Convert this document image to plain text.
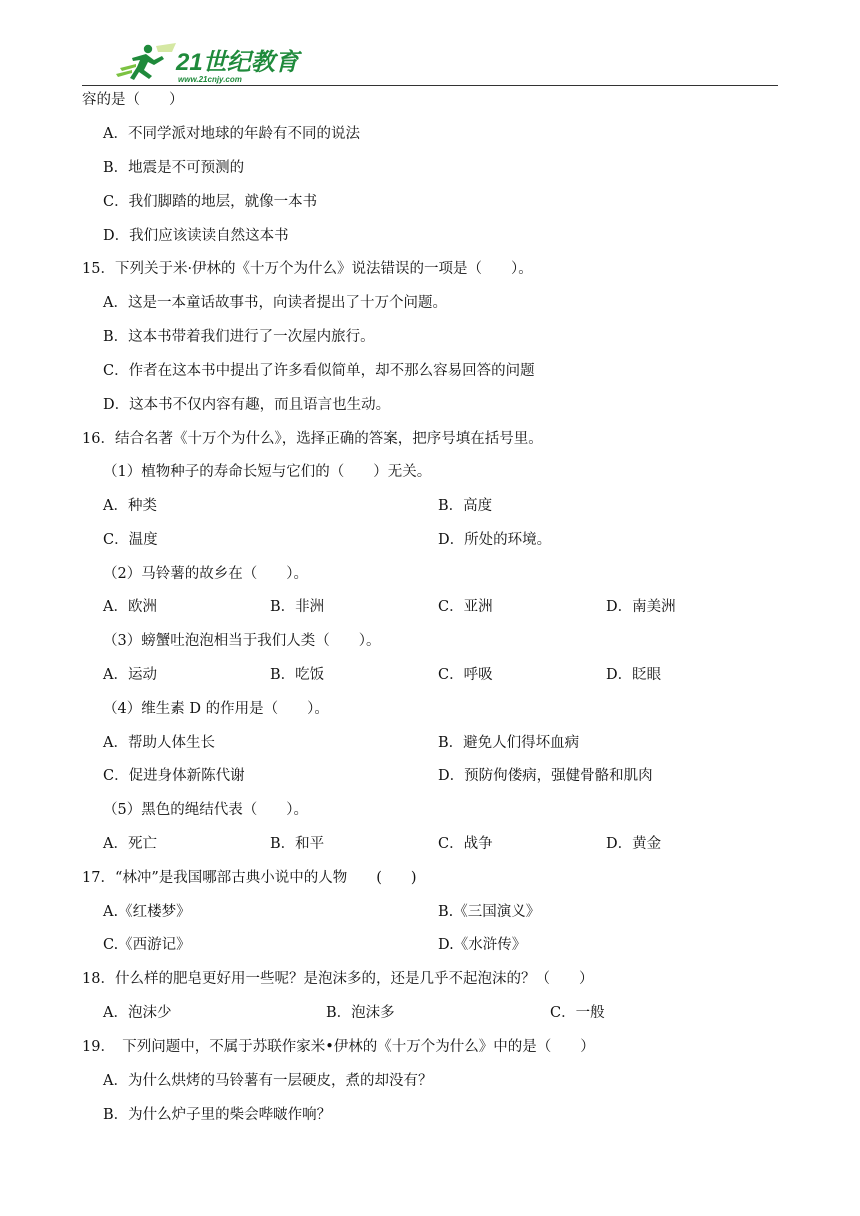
21世纪教育
www.21cnjy.com
容的是（　　）
A．不同学派对地球的年龄有不同的说法
B．地震是不可预测的
C．我们脚踏的地层，就像一本书
D．我们应该读读自然这本书
15．下列关于米·伊林的《十万个为什么》说法错误的一项是（　　）。
A．这是一本童话故事书，向读者提出了十万个问题。
B．这本书带着我们进行了一次屋内旅行。
C．作者在这本书中提出了许多看似简单，却不那么容易回答的问题
D．这本书不仅内容有趣，而且语言也生动。
16．结合名著《十万个为什么》，选择正确的答案，把序号填在括号里。
（1）植物种子的寿命长短与它们的（　　）无关。
A．种类	B．高度
C．温度	D．所处的环境。
（2）马铃薯的故乡在（　　）。
A．欧洲	B．非洲	C．亚洲	D．南美洲
（3）螃蟹吐泡泡相当于我们人类（　　）。
A．运动	B．吃饭	C．呼吸	D．眨眼
（4）维生素 D 的作用是（　　）。
A．帮助人体生长	B．避免人们得坏血病
C．促进身体新陈代谢	D．预防佝偻病，强健骨骼和肌肉
（5）黑色的绳结代表（　　）。
A．死亡	B．和平	C．战争	D．黄金
17．“林冲”是我国哪部古典小说中的人物　　(　　)
A.《红楼梦》	B.《三国演义》
C.《西游记》	D.《水浒传》
18．什么样的肥皂更好用一些呢？是泡沫多的，还是几乎不起泡沫的？（　　）
A．泡沫少	B．泡沫多	C．一般
19．　下列问题中，不属于苏联作家米•伊林的《十万个为什么》中的是（　　）
A．为什么烘烤的马铃薯有一层硬皮，煮的却没有？
B．为什么炉子里的柴会哔啵作响？
